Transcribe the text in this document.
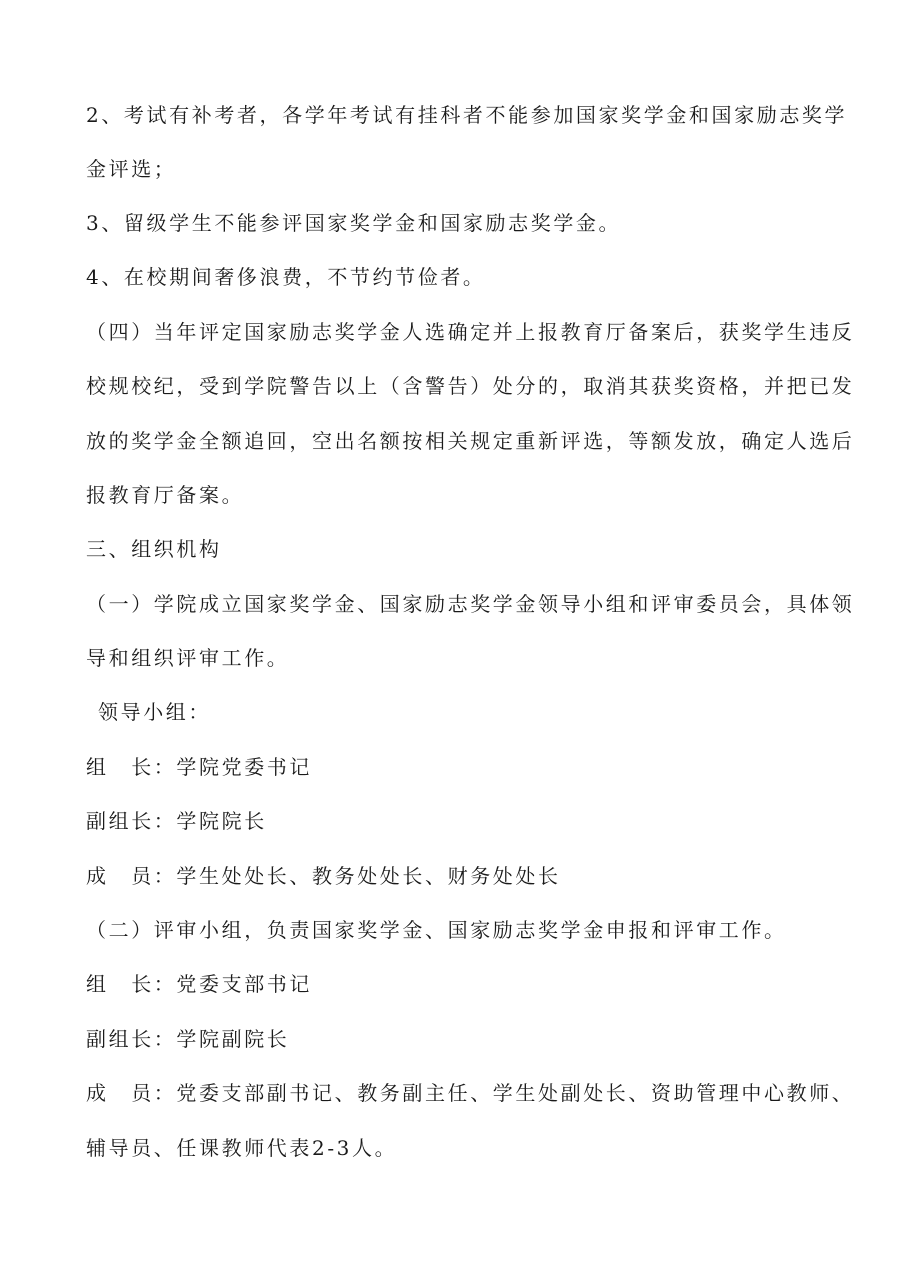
2、考试有补考者，各学年考试有挂科者不能参加国家奖学金和国家励志奖学
金评选；
3、留级学生不能参评国家奖学金和国家励志奖学金。
4、在校期间奢侈浪费，不节约节俭者。
（四）当年评定国家励志奖学金人选确定并上报教育厅备案后，获奖学生违反
校规校纪，受到学院警告以上（含警告）处分的，取消其获奖资格，并把已发
放的奖学金全额追回，空出名额按相关规定重新评选，等额发放，确定人选后
报教育厅备案。
三、组织机构
（一）学院成立国家奖学金、国家励志奖学金领导小组和评审委员会，具体领
导和组织评审工作。
领导小组：
组　长：学院党委书记
副组长：学院院长
成　员：学生处处长、教务处处长、财务处处长
（二）评审小组，负责国家奖学金、国家励志奖学金申报和评审工作。
组　长：党委支部书记
副组长：学院副院长
成　员：党委支部副书记、教务副主任、学生处副处长、资助管理中心教师、
辅导员、任课教师代表2-3人。
